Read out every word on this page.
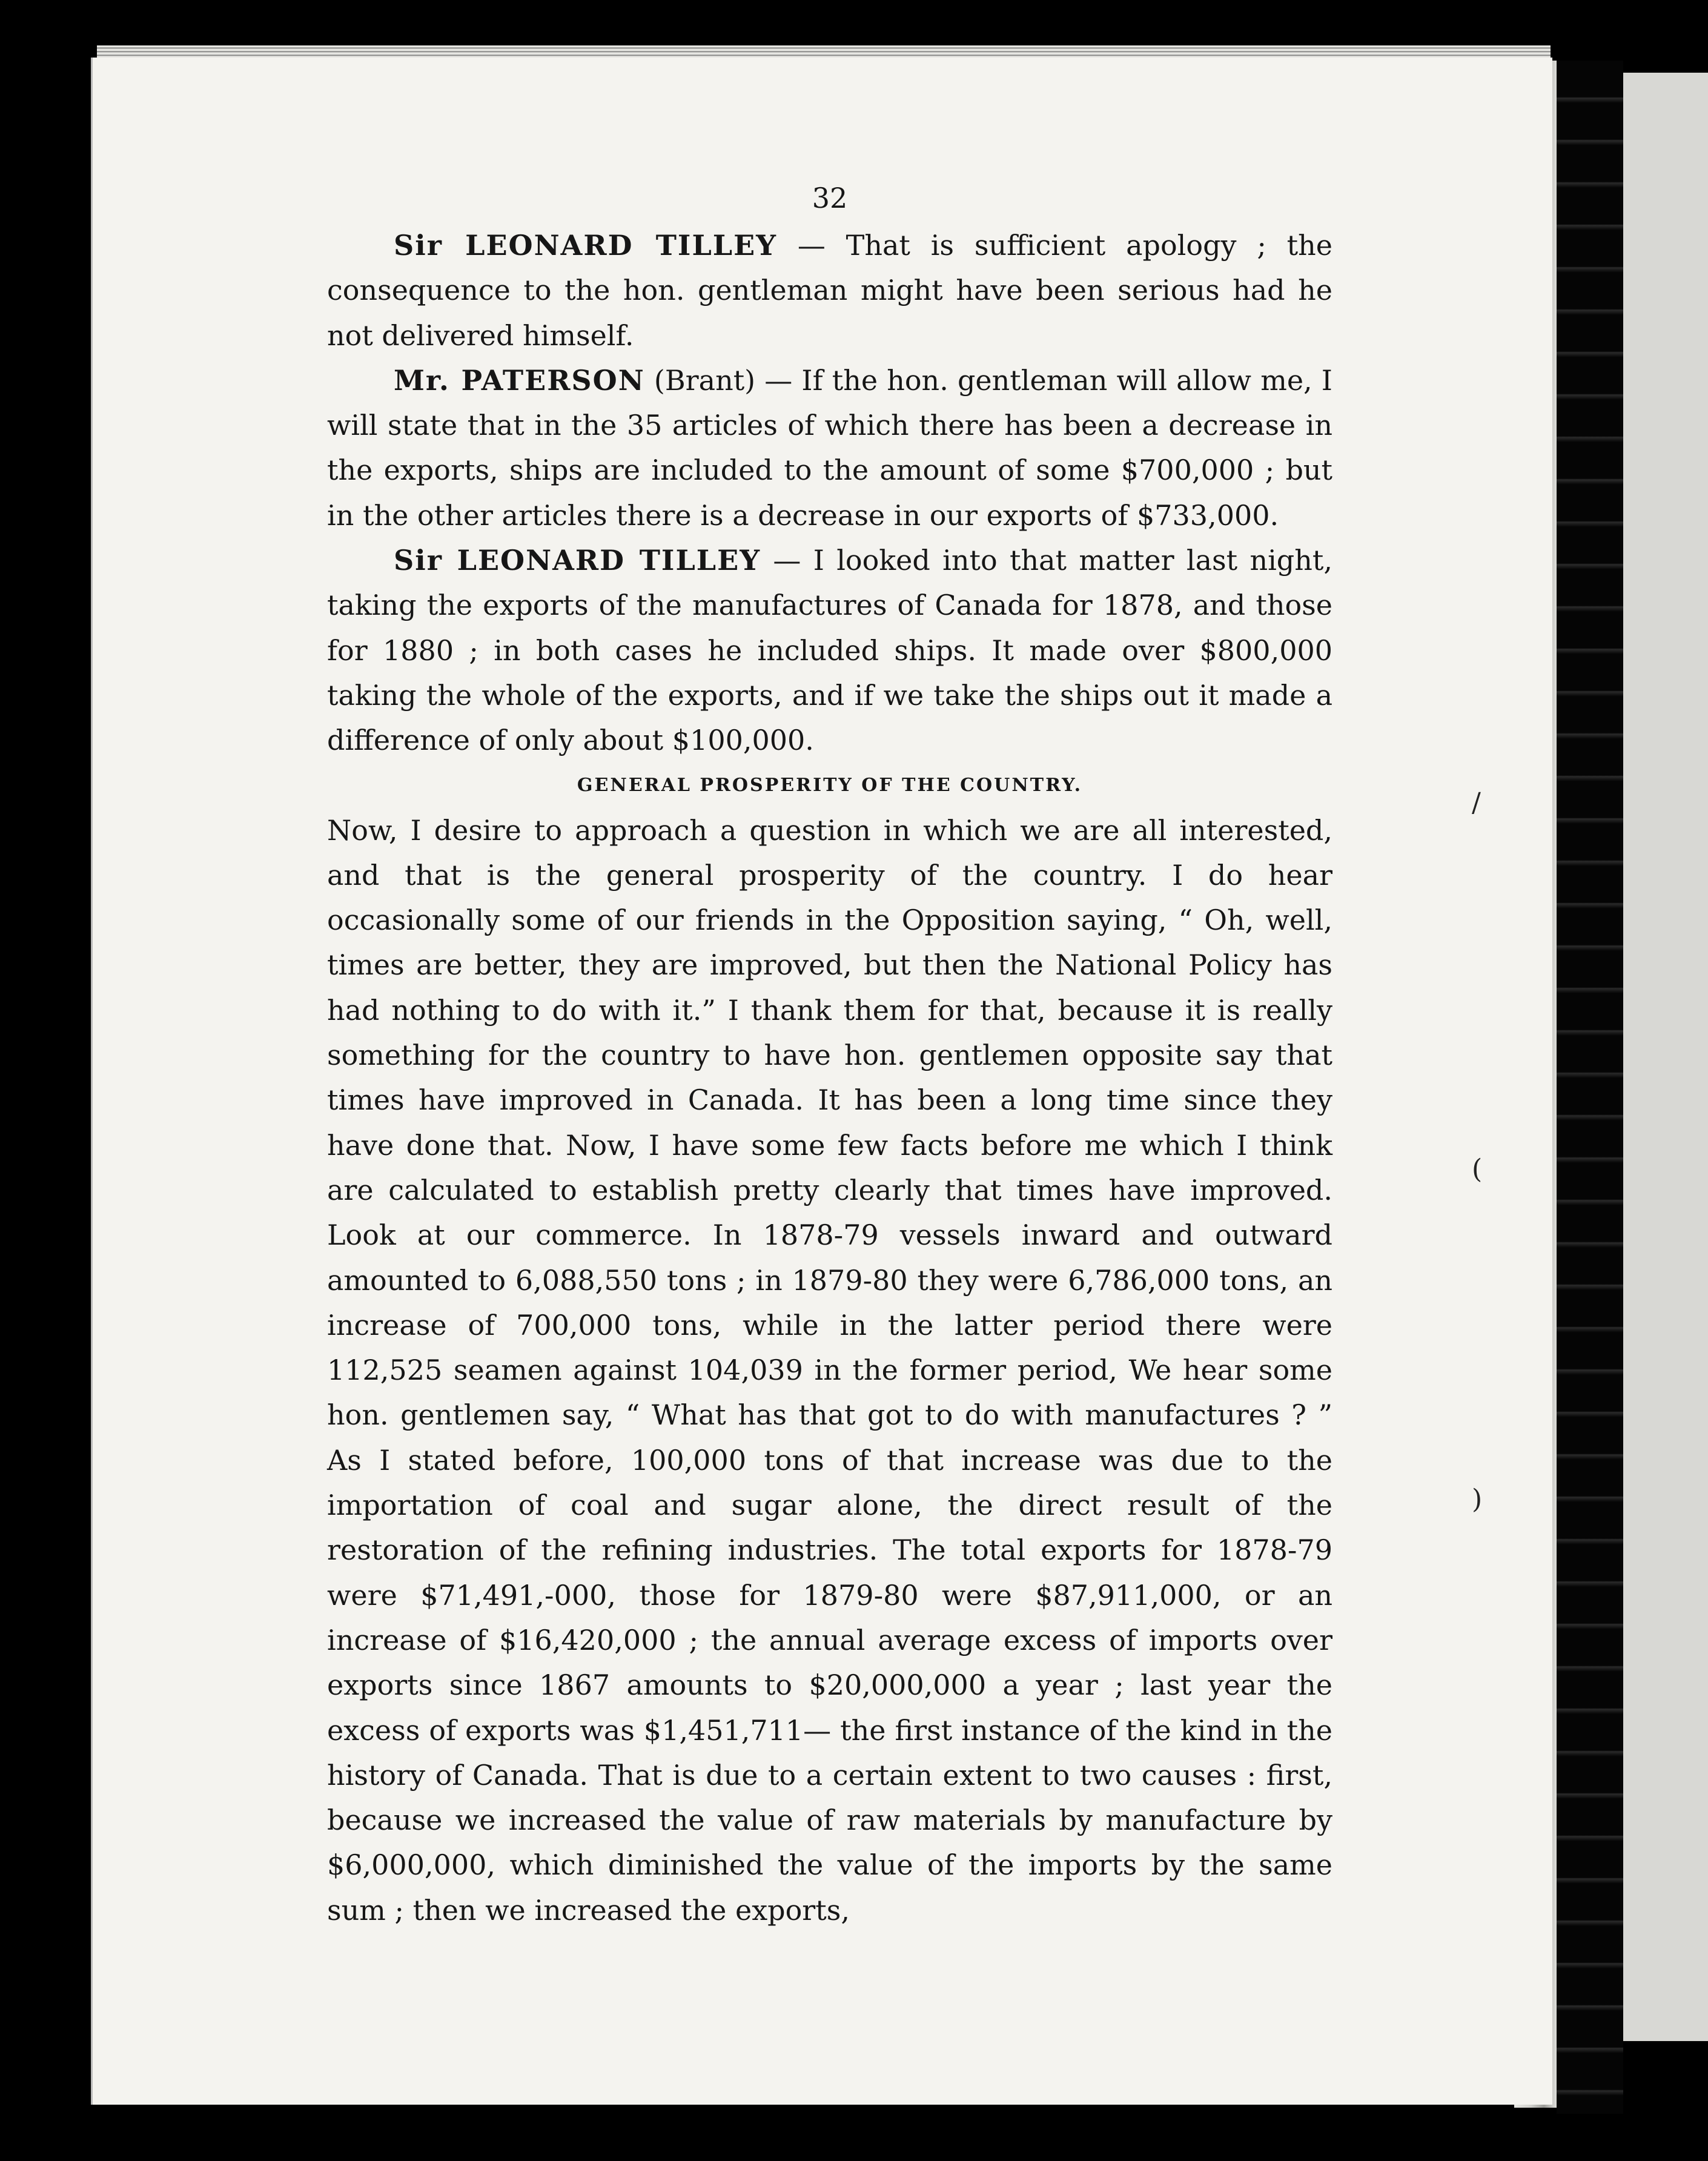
/
(
)
32

Sir LEONARD TILLEY — That is sufficient apology ; the consequence to the hon. gentleman might have been serious had he not delivered himself.

Mr. PATERSON (Brant) — If the hon. gentleman will allow me, I will state that in the 35 articles of which there has been a decrease in the exports, ships are included to the amount of some $700,000 ; but in the other articles there is a decrease in our exports of $733,000.

Sir LEONARD TILLEY — I looked into that matter last night, taking the exports of the manufactures of Canada for 1878, and those for 1880 ; in both cases he included ships. It made over $800,000 taking the whole of the exports, and if we take the ships out it made a difference of only about $100,000.

GENERAL PROSPERITY OF THE COUNTRY.

Now, I desire to approach a question in which we are all interested, and that is the general prosperity of the country. I do hear occasionally some of our friends in the Opposition saying, “ Oh, well, times are better, they are improved, but then the National Policy has had nothing to do with it.” I thank them for that, because it is really something for the country to have hon. gentlemen opposite say that times have improved in Canada. It has been a long time since they have done that. Now, I have some few facts before me which I think are calculated to establish pretty clearly that times have improved. Look at our commerce. In 1878-79 vessels inward and outward amounted to 6,088,550 tons ; in 1879-80 they were 6,786,000 tons, an increase of 700,000 tons, while in the latter period there were 112,525 seamen against 104,039 in the former period, We hear some hon. gentlemen say, “ What has that got to do with manufactures ? ” As I stated before, 100,000 tons of that increase was due to the importation of coal and sugar alone, the direct result of the restoration of the refining industries. The total exports for 1878-79 were $71,491,-000, those for 1879-80 were $87,911,000, or an increase of $16,420,000 ; the annual average excess of imports over exports since 1867 amounts to $20,000,000 a year ; last year the excess of exports was $1,451,711— the first instance of the kind in the history of Canada. That is due to a certain extent to two causes : first, because we increased the value of raw materials by manufacture by $6,000,000, which diminished the value of the imports by the same sum ; then we increased the exports,
